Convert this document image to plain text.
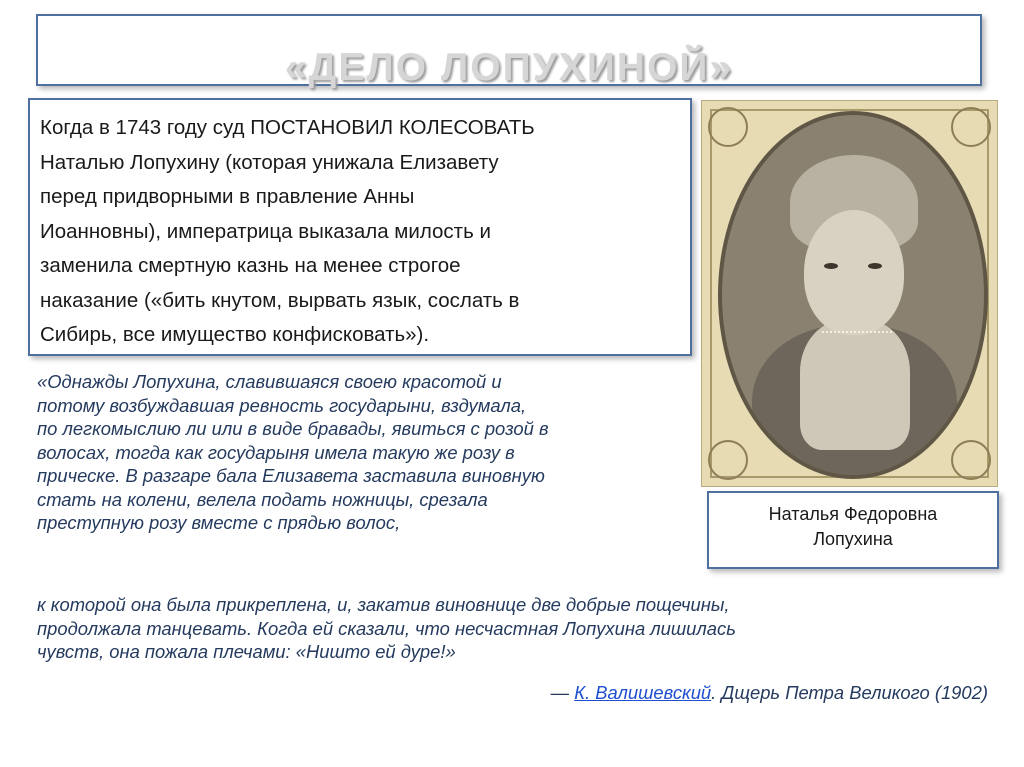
«ДЕЛО ЛОПУХИНОЙ»

Когда в 1743 году суд ПОСТАНОВИЛ КОЛЕСОВАТЬ
Наталью Лопухину (которая унижала Елизавету
перед придворными в правление Анны
Иоанновны), императрица выказала милость и
заменила смертную казнь на менее строгое
наказание («бить кнутом, вырвать язык, сослать в
Сибирь, все имущество конфисковать»).

Наталья Федоровна
Лопухина

«Однажды Лопухина, славившаяся своею красотой и
потому возбуждавшая ревность государыни, вздумала,
по легкомыслию ли или в виде бравады, явиться с розой в
волосах, тогда как государыня имела такую же розу в
прическе. В разгаре бала Елизавета заставила виновную
стать на колени, велела подать ножницы, срезала
преступную розу вместе с прядью волос,

к которой она была прикреплена, и, закатив виновнице две добрые пощечины,
продолжала танцевать. Когда ей сказали, что несчастная Лопухина лишилась
чувств, она пожала плечами: «Ништо ей дуре!»

— К. Валишевский. Дщерь Петра Великого (1902)
